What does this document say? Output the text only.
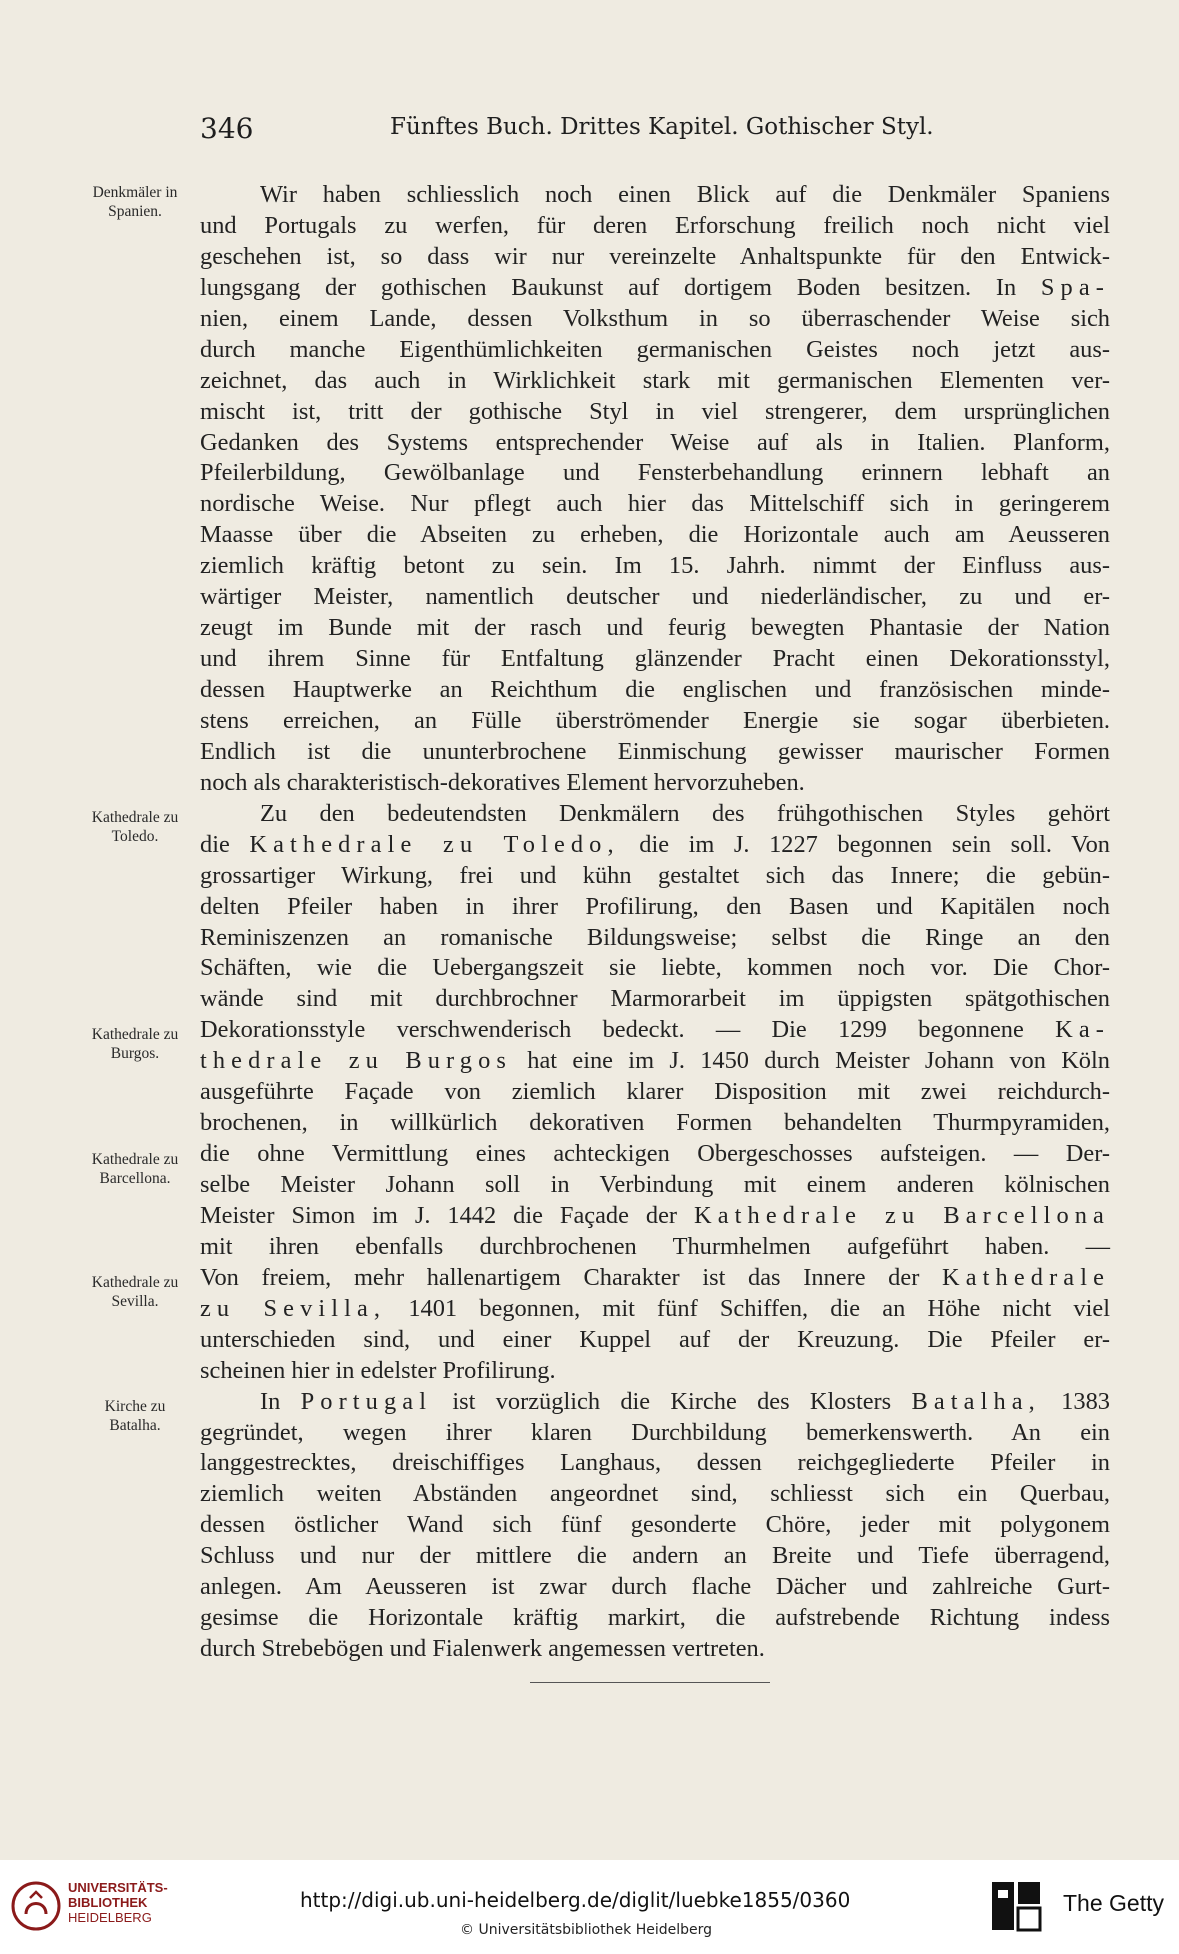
346	Fünftes Buch. Drittes Kapitel. Gothischer Styl.
Denkmäler in
Spanien.
Kathedrale zu
Toledo.
Kathedrale zu
Burgos.
Kathedrale zu
Barcellona.
Kathedrale zu
Sevilla.
Kirche zu
Batalha.
Wir haben schliesslich noch einen Blick auf die Denkmäler Spaniens
und Portugals zu werfen, für deren Erforschung freilich noch nicht viel
geschehen ist, so dass wir nur vereinzelte Anhaltspunkte für den Entwick-
lungsgang der gothischen Baukunst auf dortigem Boden besitzen. In Spa-
nien, einem Lande, dessen Volksthum in so überraschender Weise sich
durch manche Eigenthümlichkeiten germanischen Geistes noch jetzt aus-
zeichnet, das auch in Wirklichkeit stark mit germanischen Elementen ver-
mischt ist, tritt der gothische Styl in viel strengerer, dem ursprünglichen
Gedanken des Systems entsprechender Weise auf als in Italien. Planform,
Pfeilerbildung, Gewölbanlage und Fensterbehandlung erinnern lebhaft an
nordische Weise. Nur pflegt auch hier das Mittelschiff sich in geringerem
Maasse über die Abseiten zu erheben, die Horizontale auch am Aeusseren
ziemlich kräftig betont zu sein. Im 15. Jahrh. nimmt der Einfluss aus-
wärtiger Meister, namentlich deutscher und niederländischer, zu und er-
zeugt im Bunde mit der rasch und feurig bewegten Phantasie der Nation
und ihrem Sinne für Entfaltung glänzender Pracht einen Dekorationsstyl,
dessen Hauptwerke an Reichthum die englischen und französischen minde-
stens erreichen, an Fülle überströmender Energie sie sogar überbieten.
Endlich ist die ununterbrochene Einmischung gewisser maurischer Formen
noch als charakteristisch-dekoratives Element hervorzuheben.
Zu den bedeutendsten Denkmälern des frühgothischen Styles gehört
die Kathedrale zu Toledo, die im J. 1227 begonnen sein soll. Von
grossartiger Wirkung, frei und kühn gestaltet sich das Innere; die gebün-
delten Pfeiler haben in ihrer Profilirung, den Basen und Kapitälen noch
Reminiszenzen an romanische Bildungsweise; selbst die Ringe an den
Schäften, wie die Uebergangszeit sie liebte, kommen noch vor. Die Chor-
wände sind mit durchbrochner Marmorarbeit im üppigsten spätgothischen
Dekorationsstyle verschwenderisch bedeckt. — Die 1299 begonnene Ka-
thedrale zu Burgos hat eine im J. 1450 durch Meister Johann von Köln
ausgeführte Façade von ziemlich klarer Disposition mit zwei reichdurch-
brochenen, in willkürlich dekorativen Formen behandelten Thurmpyramiden,
die ohne Vermittlung eines achteckigen Obergeschosses aufsteigen. — Der-
selbe Meister Johann soll in Verbindung mit einem anderen kölnischen
Meister Simon im J. 1442 die Façade der Kathedrale zu Barcellona
mit ihren ebenfalls durchbrochenen Thurmhelmen aufgeführt haben. —
Von freiem, mehr hallenartigem Charakter ist das Innere der Kathedrale
zu Sevilla, 1401 begonnen, mit fünf Schiffen, die an Höhe nicht viel
unterschieden sind, und einer Kuppel auf der Kreuzung. Die Pfeiler er-
scheinen hier in edelster Profilirung.
In Portugal ist vorzüglich die Kirche des Klosters Batalha, 1383
gegründet, wegen ihrer klaren Durchbildung bemerkenswerth. An ein
langgestrecktes, dreischiffiges Langhaus, dessen reichgegliederte Pfeiler in
ziemlich weiten Abständen angeordnet sind, schliesst sich ein Querbau,
dessen östlicher Wand sich fünf gesonderte Chöre, jeder mit polygonem
Schluss und nur der mittlere die andern an Breite und Tiefe überragend,
anlegen. Am Aeusseren ist zwar durch flache Dächer und zahlreiche Gurt-
gesimse die Horizontale kräftig markirt, die aufstrebende Richtung indess
durch Strebebögen und Fialenwerk angemessen vertreten.
UNIVERSITÄTS-
BIBLIOTHEK
HEIDELBERG
http://digi.ub.uni-heidelberg.de/diglit/luebke1855/0360
© Universitätsbibliothek Heidelberg
The Getty
